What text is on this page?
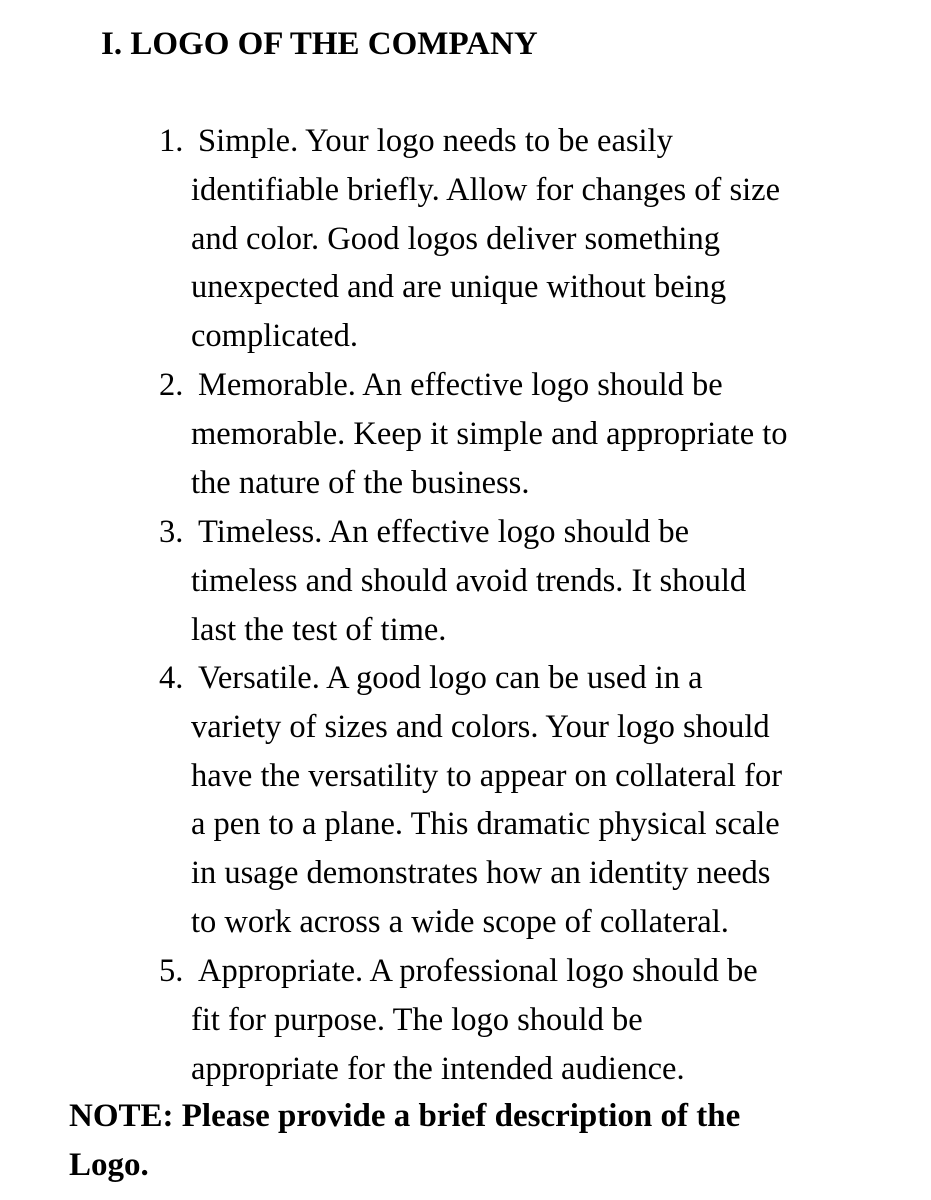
I. LOGO OF THE COMPANY
1. Simple. Your logo needs to be easily
identifiable briefly. Allow for changes of size
and color. Good logos deliver something
unexpected and are unique without being
complicated.
2. Memorable. An effective logo should be
memorable. Keep it simple and appropriate to
the nature of the business.
3. Timeless. An effective logo should be
timeless and should avoid trends. It should
last the test of time.
4. Versatile. A good logo can be used in a
variety of sizes and colors. Your logo should
have the versatility to appear on collateral for
a pen to a plane. This dramatic physical scale
in usage demonstrates how an identity needs
to work across a wide scope of collateral.
5. Appropriate. A professional logo should be
fit for purpose. The logo should be
appropriate for the intended audience.

NOTE: Please provide a brief description of the
Logo.
